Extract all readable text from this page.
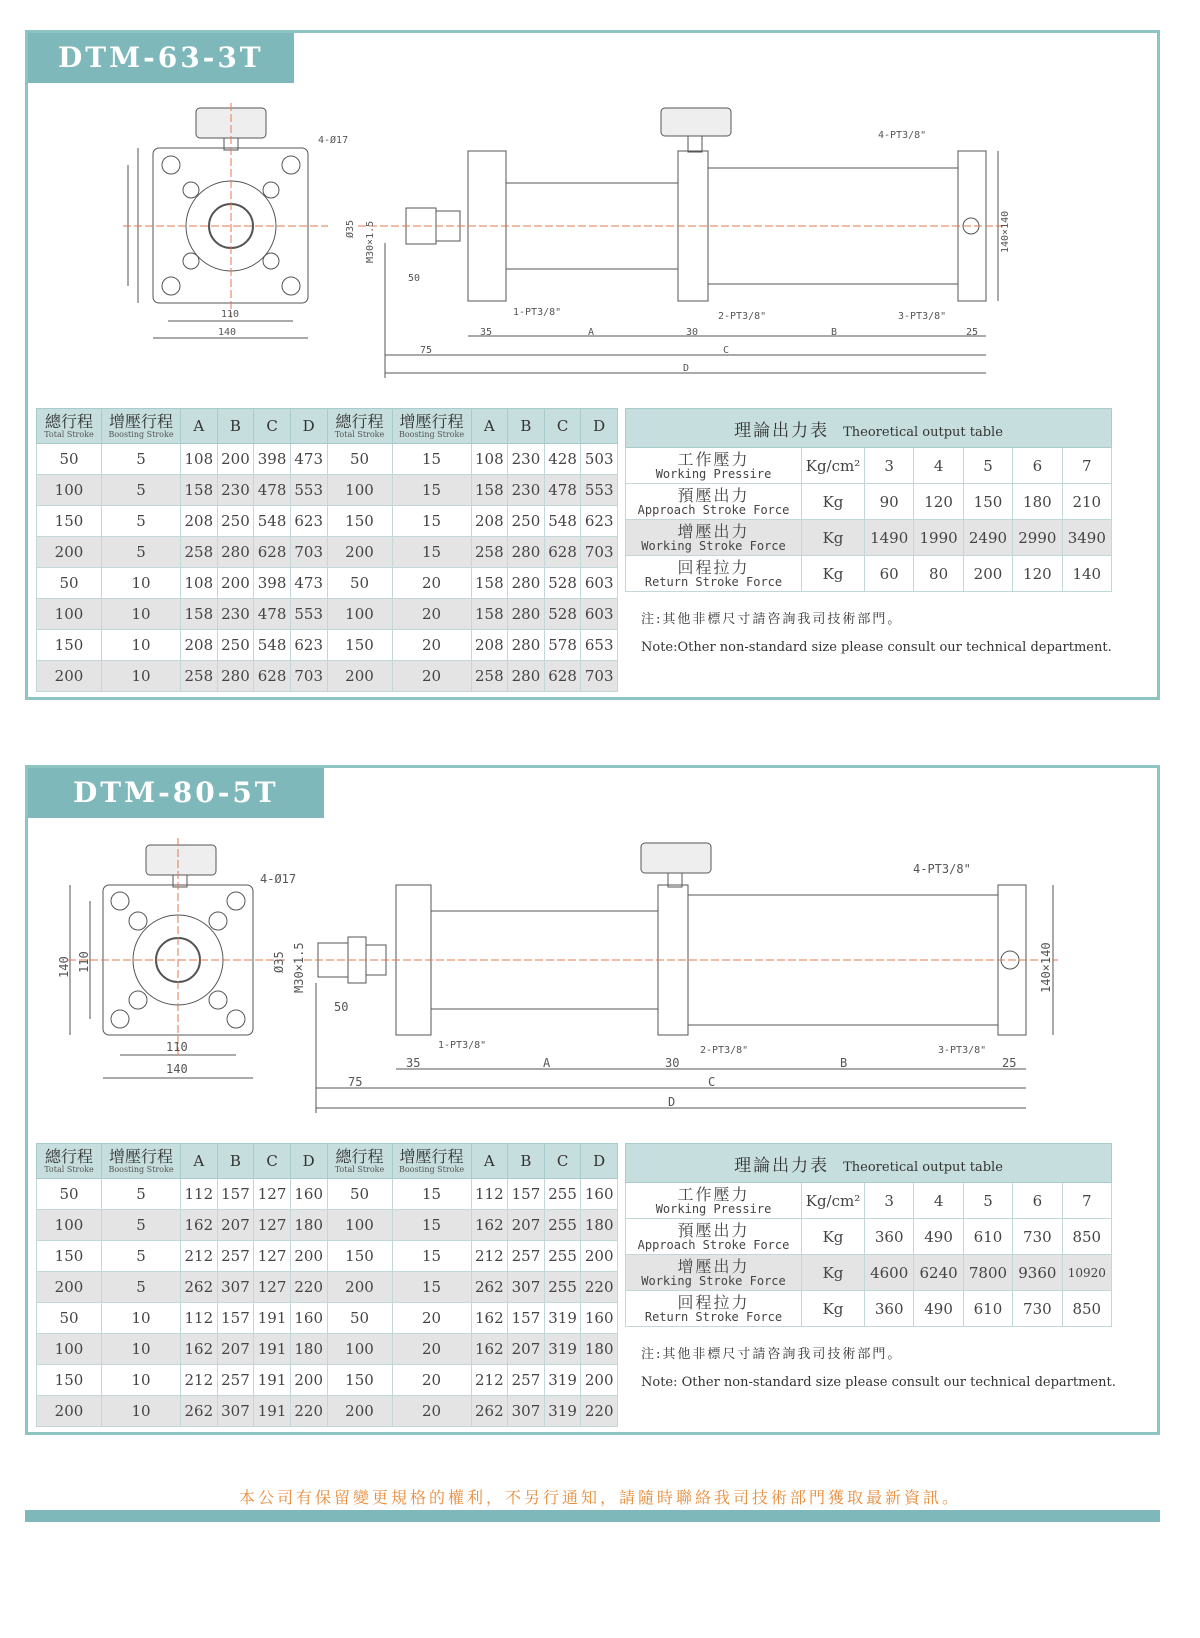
DTM-63-3T
4-Ø17	4-PT3/8"
1-PT3/8"	2-PT3/8"	3-PT3/8"
110
140
50
75
35	30	25
A	B
C
D
Ø35 M30×1.5	140×140
總行程
Total Stroke	增壓行程
Boosting Stroke	A	B	C	D	總行程
Total Stroke	增壓行程
Boosting Stroke	A	B	C	D
50	5	108	200	398	473	50	15	108	230	428	503
100	5	158	230	478	553	100	15	158	230	478	553
150	5	208	250	548	623	150	15	208	250	548	623
200	5	258	280	628	703	200	15	258	280	628	703
50	10	108	200	398	473	50	20	158	280	528	603
100	10	158	230	478	553	100	20	158	280	528	603
150	10	208	250	548	623	150	20	208	280	578	653
200	10	258	280	628	703	200	20	258	280	628	703
理論出力表 Theoretical output table						

工作壓力
Working Pressire	Kg/cm²	3	4	5	6	7

預壓出力
Approach Stroke Force	Kg	90	120	150	180	210

增壓出力
Working Stroke Force	Kg	1490	1990	2490	2990	3490

回程拉力
Return Stroke Force	Kg	60	80	200	120	140
注:其他非標尺寸請咨詢我司技術部門。
Note:Other non-standard size please consult our technical department.
DTM-80-5T
4-Ø17
4-PT3/8"
1-PT3/8"	2-PT3/8"	3-PT3/8"
110
140
50
75
35	30	25
A	B
C
D
140 110	Ø35 M30×1.5	140×140
總行程
Total Stroke	增壓行程
Boosting Stroke	A	B	C	D	總行程
Total Stroke	增壓行程
Boosting Stroke	A	B	C	D
50	5	112	157	127	160	50	15	112	157	255	160
100	5	162	207	127	180	100	15	162	207	255	180
150	5	212	257	127	200	150	15	212	257	255	200
200	5	262	307	127	220	200	15	262	307	255	220
50	10	112	157	191	160	50	20	162	157	319	160
100	10	162	207	191	180	100	20	162	207	319	180
150	10	212	257	191	200	150	20	212	257	319	200
200	10	262	307	191	220	200	20	262	307	319	220
理論出力表 Theoretical output table						

工作壓力
Working Pressire	Kg/cm²	3	4	5	6	7

預壓出力
Approach Stroke Force	Kg	360	490	610	730	850

增壓出力
Working Stroke Force	Kg	4600	6240	7800	9360	10920

回程拉力
Return Stroke Force	Kg	360	490	610	730	850
注:其他非標尺寸請咨詢我司技術部門。
Note: Other non-standard size please consult our technical department.
本公司有保留變更規格的權利，不另行通知，請隨時聯絡我司技術部門獲取最新資訊。
